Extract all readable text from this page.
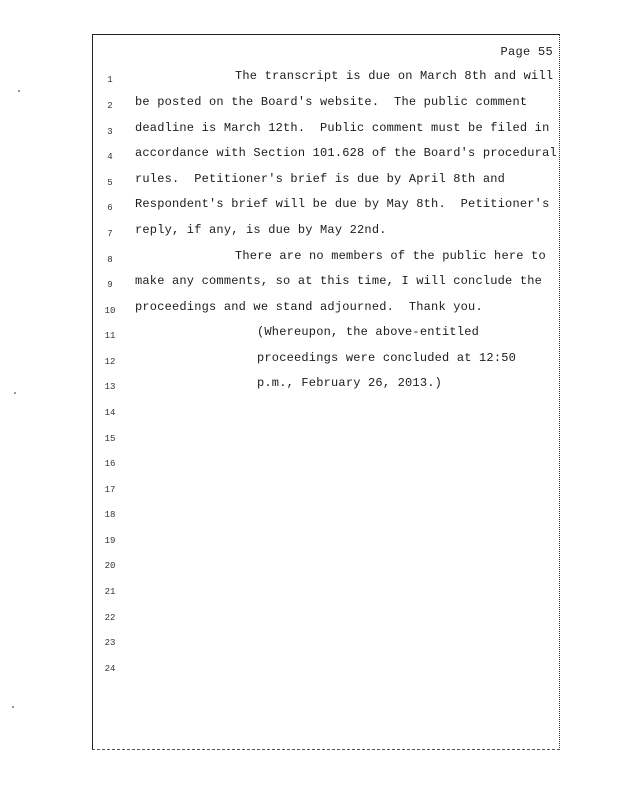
Page 55
1	The transcript is due on March 8th and will
2	be posted on the Board's website.  The public comment
3	deadline is March 12th.  Public comment must be filed in
4	accordance with Section 101.628 of the Board's procedural
5	rules.  Petitioner's brief is due by April 8th and
6	Respondent's brief will be due by May 8th.  Petitioner's
7	reply, if any, is due by May 22nd.
8	There are no members of the public here to
9	make any comments, so at this time, I will conclude the
10 proceedings and we stand adjourned.  Thank you.
11	(Whereupon, the above-entitled
12	proceedings were concluded at 12:50
13	p.m., February 26, 2013.)
14
15
16
17
18
19
20
21
22
23
24
